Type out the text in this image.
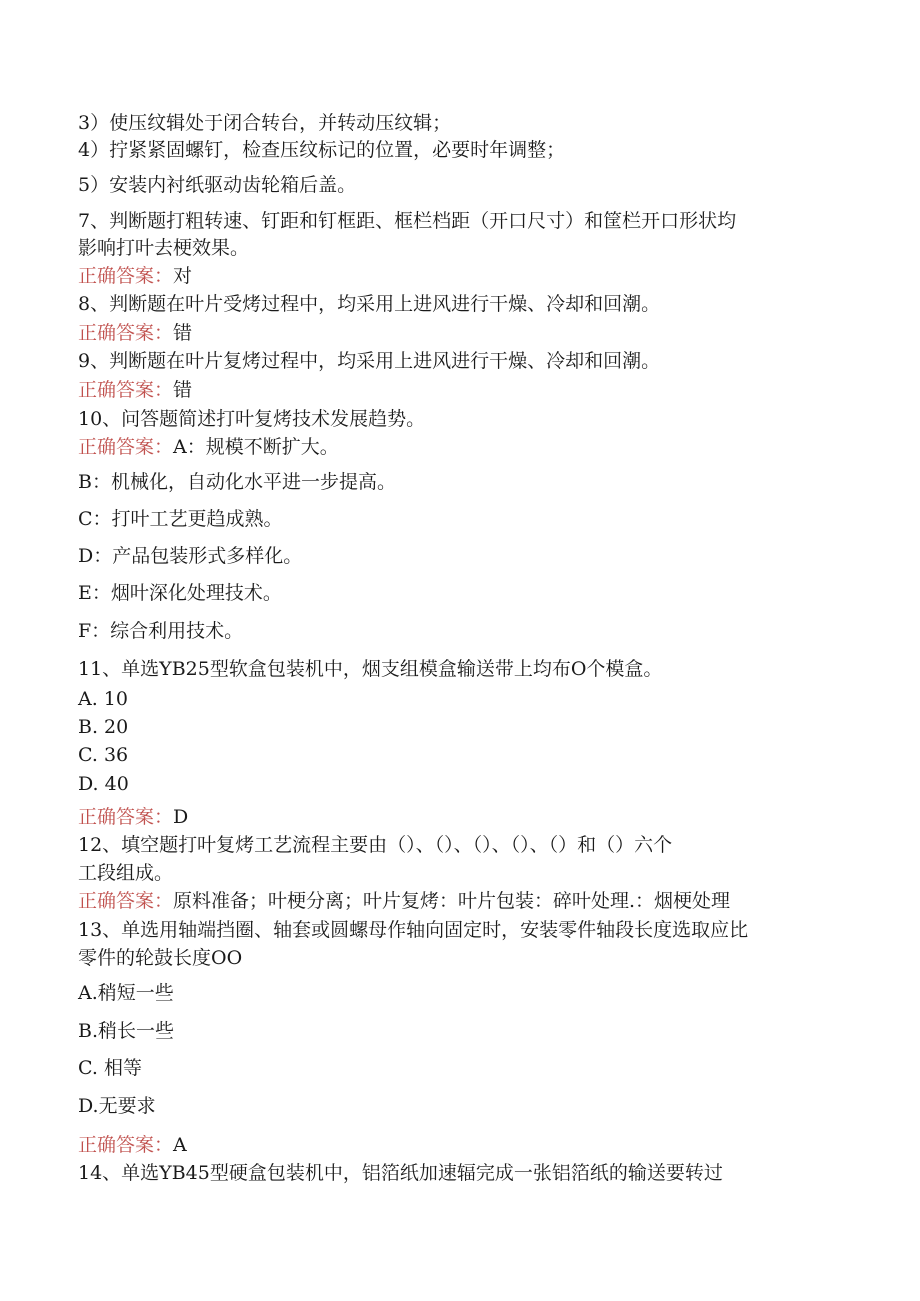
3）使压纹辑处于闭合转台，并转动压纹辑；
4）拧紧紧固螺钉，检查压纹标记的位置，必要时年调整；
5）安装内衬纸驱动齿轮箱后盖。
7、判断题打粗转速、钉距和钉框距、框栏档距（开口尺寸）和筐栏开口形状均
影响打叶去梗效果。
正确答案：对
8、判断题在叶片受烤过程中，均采用上进风进行干燥、冷却和回潮。
正确答案：错
9、判断题在叶片复烤过程中，均采用上进风进行干燥、冷却和回潮。
正确答案：错
10、问答题简述打叶复烤技术发展趋势。
正确答案：A：规模不断扩大。
B：机械化，自动化水平进一步提高。
C：打叶工艺更趋成熟。
D：产品包装形式多样化。
E：烟叶深化处理技术。
F：综合利用技术。
11、单选YB25型软盒包装机中，烟支组模盒输送带上均布O个模盒。
A. 10
B. 20
C. 36
D. 40
正确答案：D
12、填空题打叶复烤工艺流程主要由（）、（）、（）、（）、（）和（）六个
工段组成。
正确答案：原料准备；叶梗分离；叶片复烤：叶片包装：碎叶处理.：烟梗处理
13、单选用轴端挡圈、轴套或圆螺母作轴向固定时，安装零件轴段长度选取应比
零件的轮鼓长度OO
A.稍短一些
B.稍长一些
C. 相等
D.无要求
正确答案：A
14、单选YB45型硬盒包装机中，铝箔纸加速辐完成一张铝箔纸的输送要转过
